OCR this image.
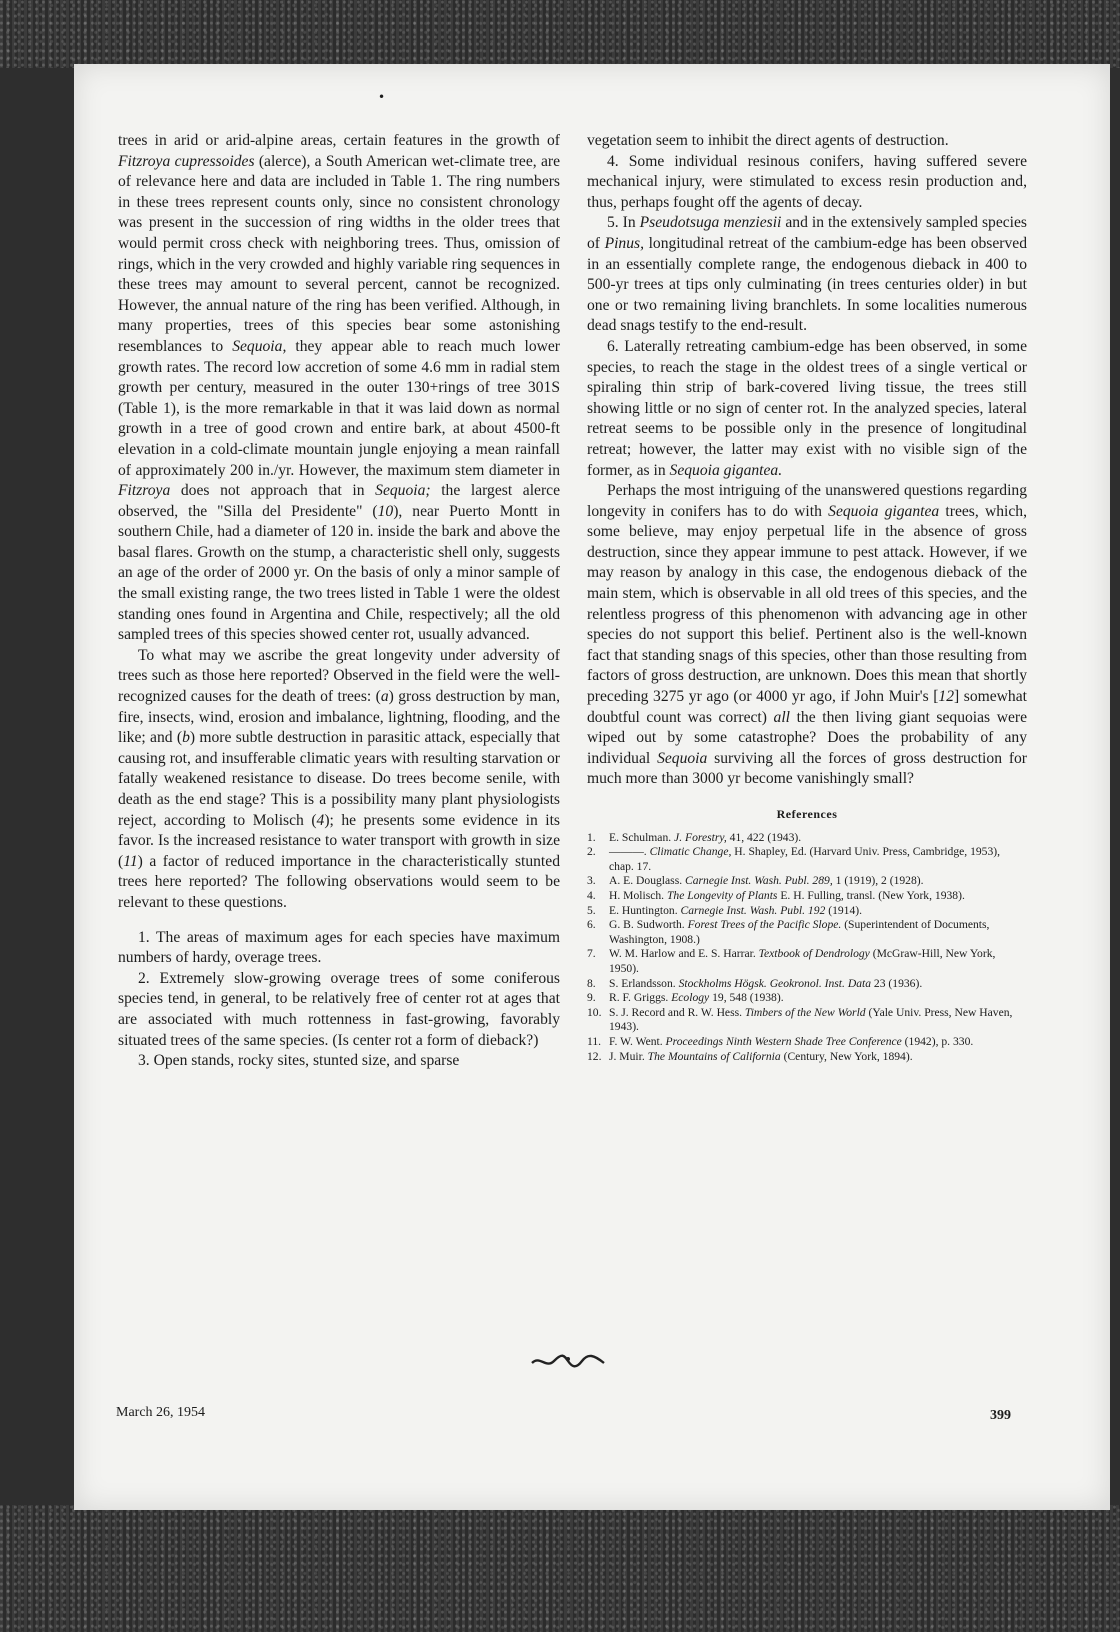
•

trees in arid or arid-alpine areas, certain features in the growth of Fitzroya cupressoides (alerce), a South American wet-climate tree, are of relevance here and data are included in Table 1. The ring numbers in these trees represent counts only, since no consistent chronology was present in the succession of ring widths in the older trees that would permit cross check with neighboring trees. Thus, omission of rings, which in the very crowded and highly variable ring sequences in these trees may amount to several percent, cannot be recognized. However, the annual nature of the ring has been verified. Although, in many properties, trees of this species bear some astonishing resemblances to Sequoia, they appear able to reach much lower growth rates. The record low accretion of some 4.6 mm in radial stem growth per century, measured in the outer 130+rings of tree 301S (Table 1), is the more remarkable in that it was laid down as normal growth in a tree of good crown and entire bark, at about 4500-ft elevation in a cold-climate mountain jungle enjoying a mean rainfall of approximately 200 in./yr. However, the maximum stem diameter in Fitzroya does not approach that in Sequoia; the largest alerce observed, the "Silla del Presidente" (10), near Puerto Montt in southern Chile, had a diameter of 120 in. inside the bark and above the basal flares. Growth on the stump, a characteristic shell only, suggests an age of the order of 2000 yr. On the basis of only a minor sample of the small existing range, the two trees listed in Table 1 were the oldest standing ones found in Argentina and Chile, respectively; all the old sampled trees of this species showed center rot, usually advanced.

To what may we ascribe the great longevity under adversity of trees such as those here reported? Observed in the field were the well-recognized causes for the death of trees: (a) gross destruction by man, fire, insects, wind, erosion and imbalance, lightning, flooding, and the like; and (b) more subtle destruction in parasitic attack, especially that causing rot, and insufferable climatic years with resulting starvation or fatally weakened resistance to disease. Do trees become senile, with death as the end stage? This is a possibility many plant physiologists reject, according to Molisch (4); he presents some evidence in its favor. Is the increased resistance to water transport with growth in size (11) a factor of reduced importance in the characteristically stunted trees here reported? The following observations would seem to be relevant to these questions.

1. The areas of maximum ages for each species have maximum numbers of hardy, overage trees.

2. Extremely slow-growing overage trees of some coniferous species tend, in general, to be relatively free of center rot at ages that are associated with much rottenness in fast-growing, favorably situated trees of the same species. (Is center rot a form of dieback?)

3. Open stands, rocky sites, stunted size, and sparse

vegetation seem to inhibit the direct agents of destruction.

4. Some individual resinous conifers, having suffered severe mechanical injury, were stimulated to excess resin production and, thus, perhaps fought off the agents of decay.

5. In Pseudotsuga menziesii and in the extensively sampled species of Pinus, longitudinal retreat of the cambium-edge has been observed in an essentially complete range, the endogenous dieback in 400 to 500-yr trees at tips only culminating (in trees centuries older) in but one or two remaining living branchlets. In some localities numerous dead snags testify to the end-result.

6. Laterally retreating cambium-edge has been observed, in some species, to reach the stage in the oldest trees of a single vertical or spiraling thin strip of bark-covered living tissue, the trees still showing little or no sign of center rot. In the analyzed species, lateral retreat seems to be possible only in the presence of longitudinal retreat; however, the latter may exist with no visible sign of the former, as in Sequoia gigantea.

Perhaps the most intriguing of the unanswered questions regarding longevity in conifers has to do with Sequoia gigantea trees, which, some believe, may enjoy perpetual life in the absence of gross destruction, since they appear immune to pest attack. However, if we may reason by analogy in this case, the endogenous dieback of the main stem, which is observable in all old trees of this species, and the relentless progress of this phenomenon with advancing age in other species do not support this belief. Pertinent also is the well-known fact that standing snags of this species, other than those resulting from factors of gross destruction, are unknown. Does this mean that shortly preceding 3275 yr ago (or 4000 yr ago, if John Muir's [12] somewhat doubtful count was correct) all the then living giant sequoias were wiped out by some catastrophe? Does the probability of any individual Sequoia surviving all the forces of gross destruction for much more than 3000 yr become vanishingly small?

References
1. E. Schulman. J. Forestry, 41, 422 (1943).
2. ———. Climatic Change, H. Shapley, Ed. (Harvard Univ. Press, Cambridge, 1953), chap. 17.
3. A. E. Douglass. Carnegie Inst. Wash. Publ. 289, 1 (1919), 2 (1928).
4. H. Molisch. The Longevity of Plants E. H. Fulling, transl. (New York, 1938).
5. E. Huntington. Carnegie Inst. Wash. Publ. 192 (1914).
6. G. B. Sudworth. Forest Trees of the Pacific Slope. (Superintendent of Documents, Washington, 1908.)
7. W. M. Harlow and E. S. Harrar. Textbook of Dendrology (McGraw-Hill, New York, 1950).
8. S. Erlandsson. Stockholms Högsk. Geokronol. Inst. Data 23 (1936).
9. R. F. Griggs. Ecology 19, 548 (1938).
10. S. J. Record and R. W. Hess. Timbers of the New World (Yale Univ. Press, New Haven, 1943).
11. F. W. Went. Proceedings Ninth Western Shade Tree Conference (1942), p. 330.
12. J. Muir. The Mountains of California (Century, New York, 1894).
March 26, 1954	399
